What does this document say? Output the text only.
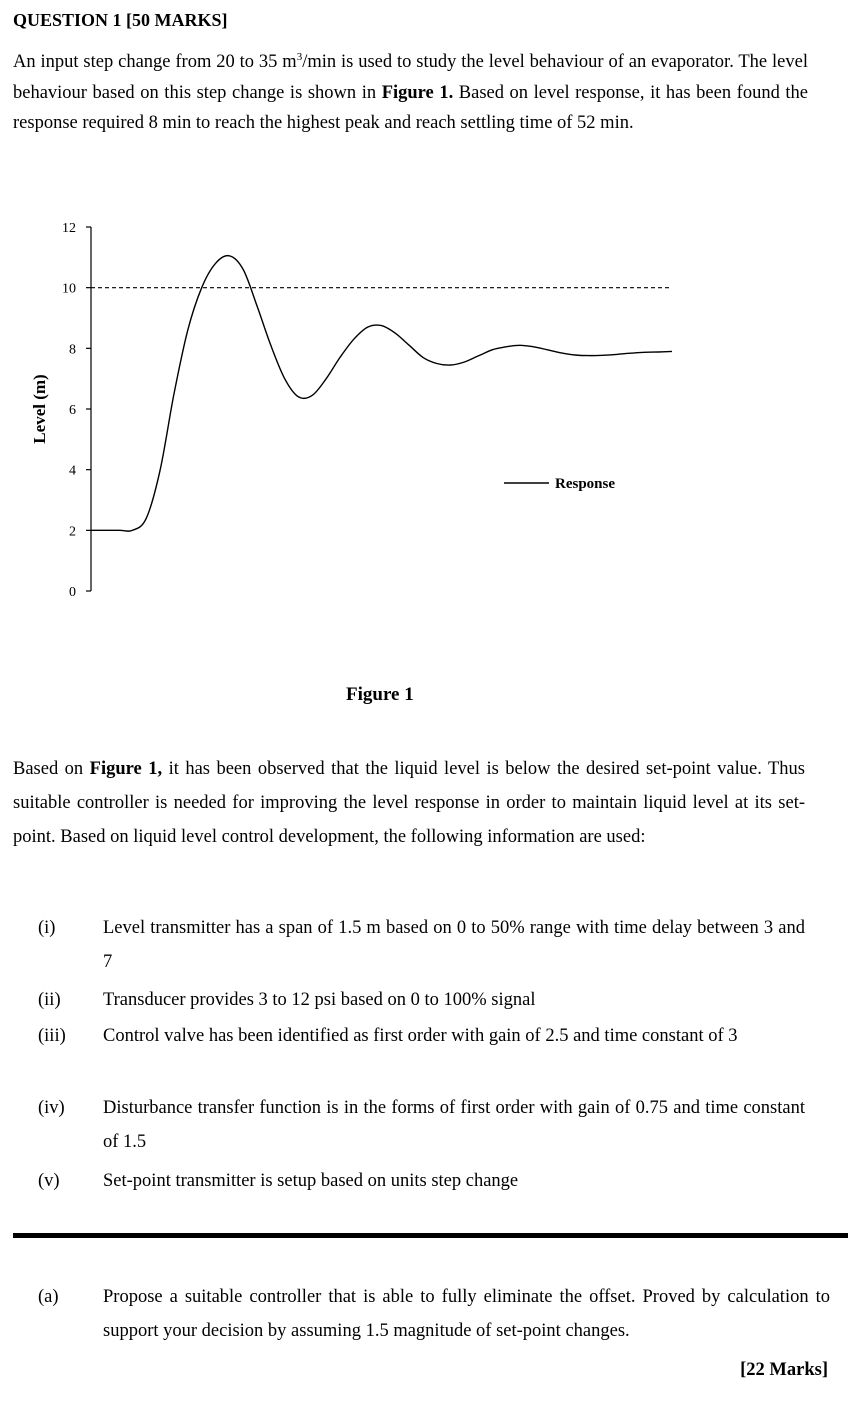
QUESTION 1 [50 MARKS]
An input step change from 20 to 35 $m^3/\min$ is used to study the level behaviour of an evaporator. The level behaviour based on this step change is shown in Figure 1. Based on level response, it has been found the response required 8 min to reach the highest peak and reach settling time of 52 min.
0
2
4
6
8
10
12
Level (m)
Response
Figure 1
Based on Figure 1, it has been observed that the liquid level is below the desired set-point value. Thus suitable controller is needed for improving the level response in order to maintain liquid level at its set-point. Based on liquid level control development, the following information are used:
(i)	Level transmitter has a span of 1.5 m based on 0 to 50% range with time delay between 3 and 7
(ii) Transducer provides 3 to 12 psi based on 0 to 100% signal
(iii) Control valve has been identified as first order with gain of 2.5 and time constant of 3
(iv) Disturbance transfer function is in the forms of first order with gain of 0.75 and time constant of 1.5
(v) Set-point transmitter is setup based on units step change
(a) Propose a suitable controller that is able to fully eliminate the offset. Proved by calculation to support your decision by assuming 1.5 magnitude of set-point changes.
[22 Marks]
